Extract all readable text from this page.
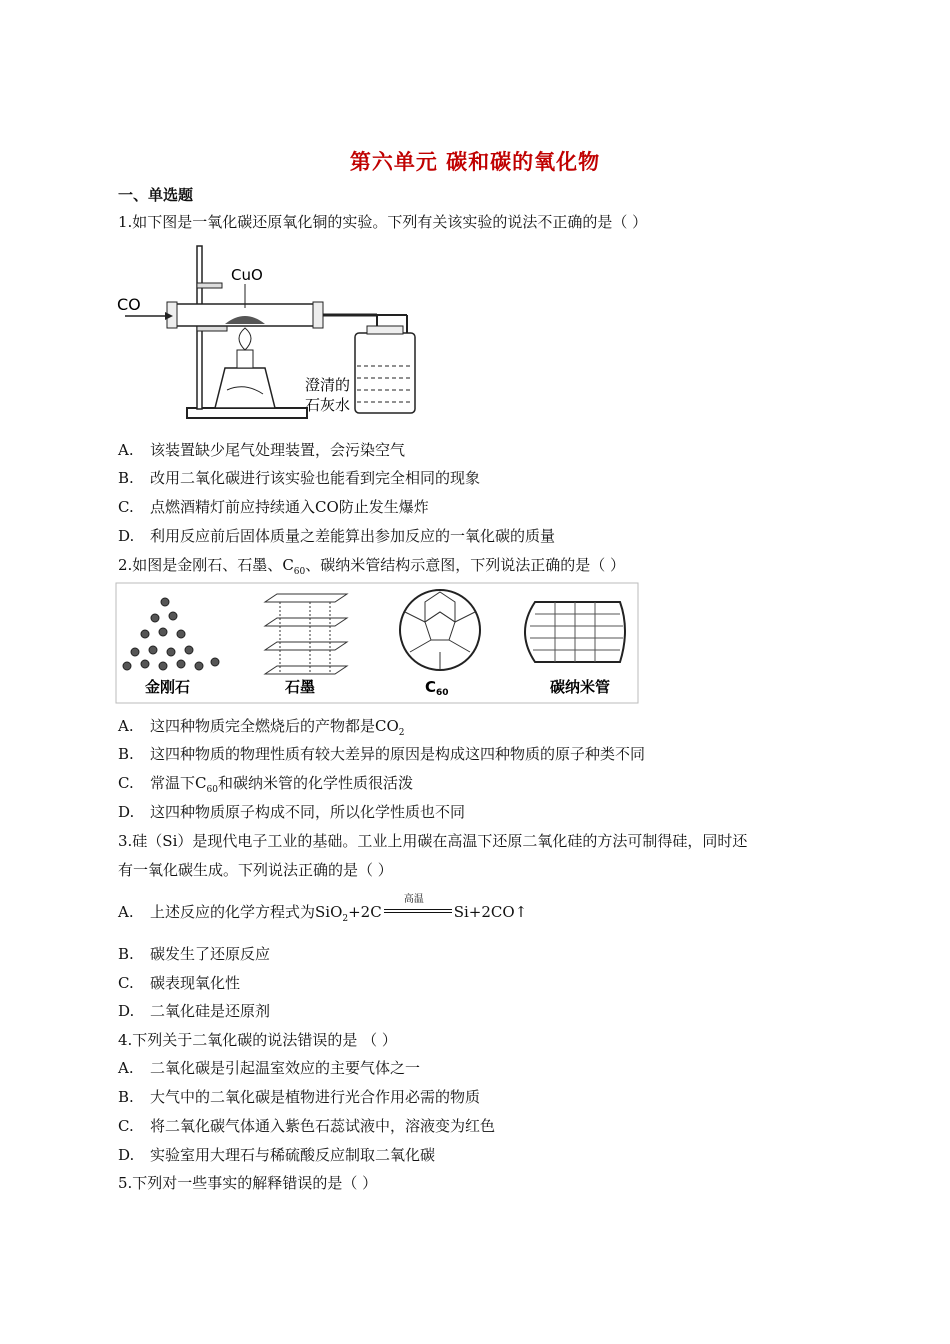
第六单元 碳和碳的氧化物
一、单选题
1.如下图是一氧化碳还原氧化铜的实验。下列有关该实验的说法不正确的是（ ）
CO
CuO
澄清的
石灰水
A. 该装置缺少尾气处理装置，会污染空气
B. 改用二氧化碳进行该实验也能看到完全相同的现象
C. 点燃酒精灯前应持续通入CO防止发生爆炸
D. 利用反应前后固体质量之差能算出参加反应的一氧化碳的质量
2.如图是金刚石、石墨、$C_{60}$、碳纳米管结构示意图，下列说法正确的是（ ）
金刚石	石墨	$C_{60}$	碳纳米管
A. 这四种物质完全燃烧后的产物都是$CO_2$
B. 这四种物质的物理性质有较大差异的原因是构成这四种物质的原子种类不同
C. 常温下$C_{60}$和碳纳米管的化学性质很活泼
D. 这四种物质原子构成不同，所以化学性质也不同
3.硅（Si）是现代电子工业的基础。工业上用碳在高温下还原二氧化硅的方法可制得硅，同时还
有一氧化碳生成。下列说法正确的是（ ）
A. 上述反应的化学方程式为SiO$_2$+2C
高温
Si+2CO↑
B. 碳发生了还原反应
C. 碳表现氧化性
D. 二氧化硅是还原剂
4.下列关于二氧化碳的说法错误的是 （ ）
A. 二氧化碳是引起温室效应的主要气体之一
B. 大气中的二氧化碳是植物进行光合作用必需的物质
C. 将二氧化碳气体通入紫色石蕊试液中，溶液变为红色
D. 实验室用大理石与稀硫酸反应制取二氧化碳
5.下列对一些事实的解释错误的是（ ）
